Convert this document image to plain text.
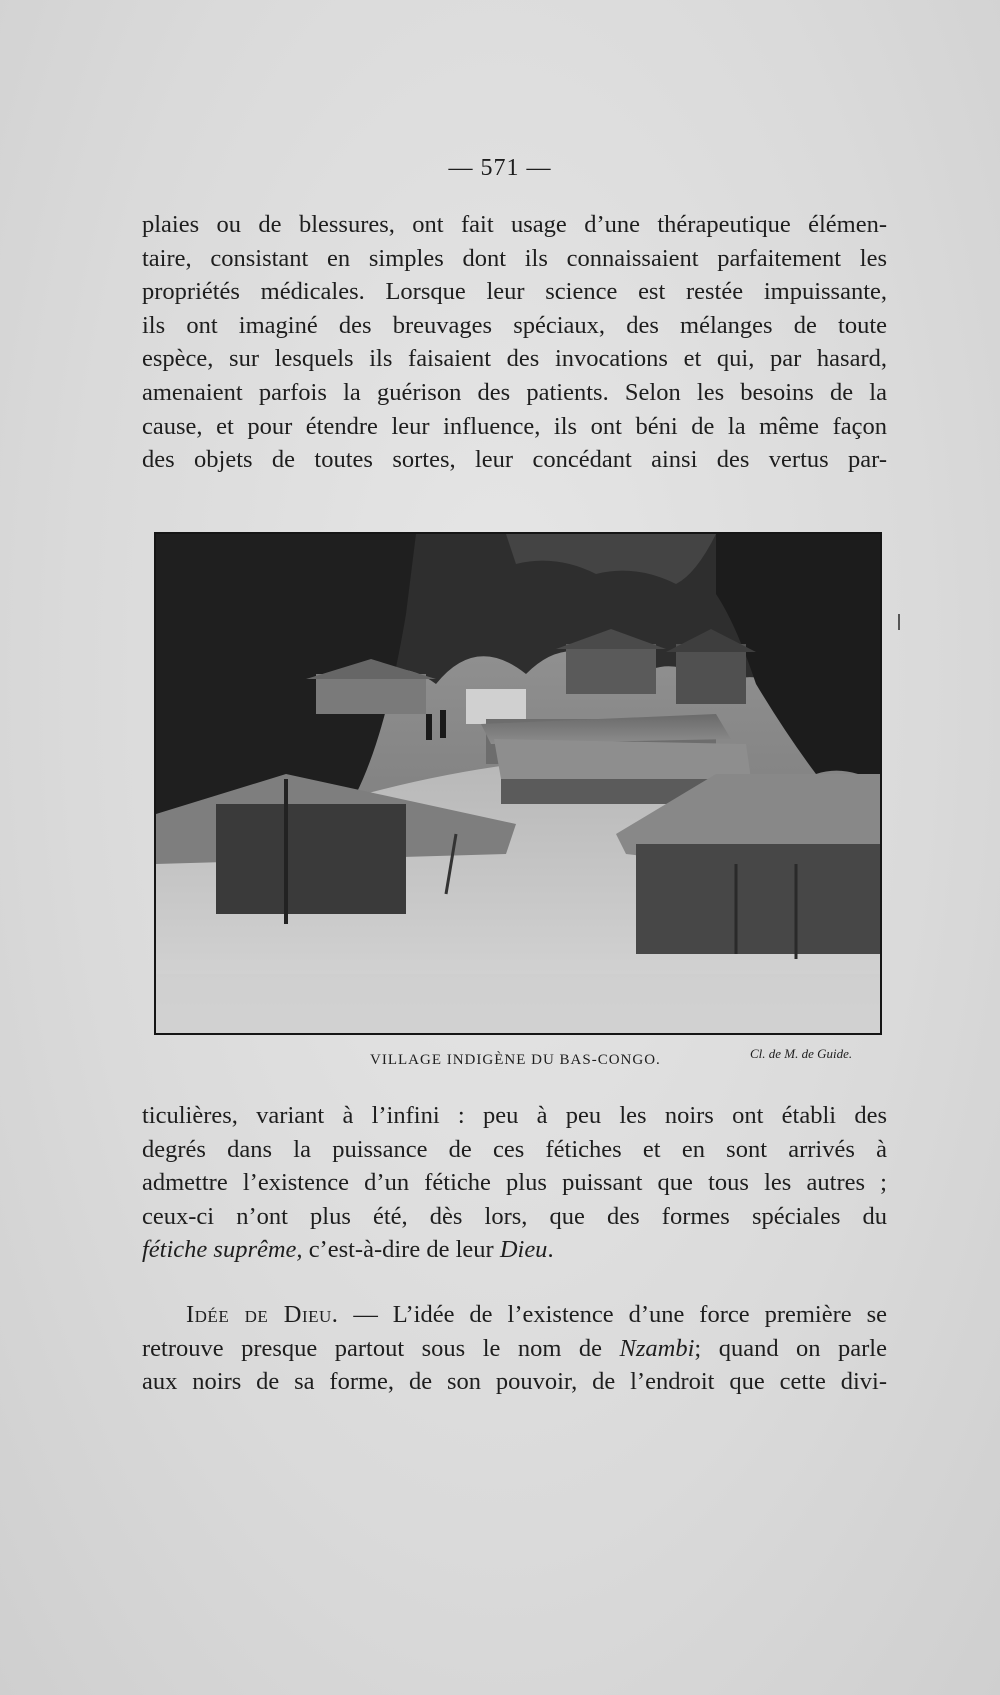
— 571 —
plaies ou de blessures, ont fait usage d’une thérapeutique élémen-
taire, consistant en simples dont ils connaissaient parfaitement les
propriétés médicales. Lorsque leur science est restée impuissante,
ils ont imaginé des breuvages spéciaux, des mélanges de toute
espèce, sur lesquels ils faisaient des invocations et qui, par hasard,
amenaient parfois la guérison des patients. Selon les besoins de la
cause, et pour étendre leur influence, ils ont béni de la même façon
des objets de toutes sortes, leur concédant ainsi des vertus par-
VILLAGE INDIGÈNE DU BAS-CONGO.	Cl. de M. de Guide.
ticulières, variant à l’infini : peu à peu les noirs ont établi des
degrés dans la puissance de ces fétiches et en sont arrivés à
admettre l’existence d’un fétiche plus puissant que tous les autres ;
ceux-ci n’ont plus été, dès lors, que des formes spéciales du
fétiche suprême, c’est-à-dire de leur Dieu.
Idée de Dieu. — L’idée de l’existence d’une force première se
retrouve presque partout sous le nom de Nzambi; quand on parle
aux noirs de sa forme, de son pouvoir, de l’endroit que cette divi-
